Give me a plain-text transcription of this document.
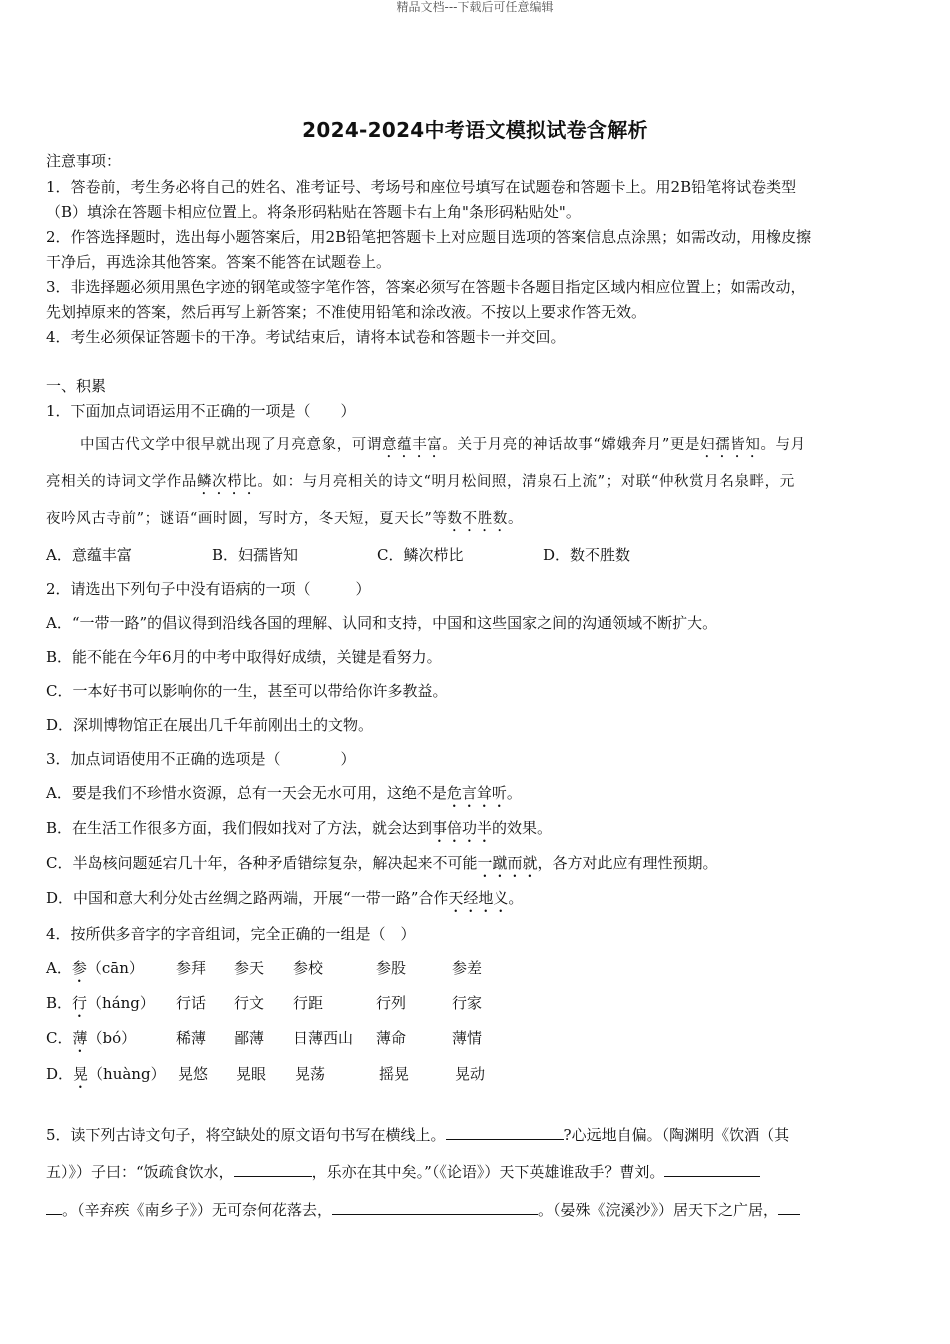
精品文档---下载后可任意编辑
2024-2024中考语文模拟试卷含解析
注意事项：
1．答卷前，考生务必将自己的姓名、准考证号、考场号和座位号填写在试题卷和答题卡上。用2B铅笔将试卷类型
（B）填涂在答题卡相应位置上。将条形码粘贴在答题卡右上角"条形码粘贴处"。
2．作答选择题时，选出每小题答案后，用2B铅笔把答题卡上对应题目选项的答案信息点涂黑；如需改动，用橡皮擦
干净后，再选涂其他答案。答案不能答在试题卷上。
3．非选择题必须用黑色字迹的钢笔或签字笔作答，答案必须写在答题卡各题目指定区域内相应位置上；如需改动，
先划掉原来的答案，然后再写上新答案；不准使用铅笔和涂改液。不按以上要求作答无效。
4．考生必须保证答题卡的干净。考试结束后，请将本试卷和答题卡一并交回。
一、积累
1．下面加点词语运用不正确的一项是（　　）
中国古代文学中很早就出现了月亮意象，可谓意蕴丰富。关于月亮的神话故事“嫦娥奔月”更是妇孺皆知。与月
亮相关的诗词文学作品鳞次栉比。如：与月亮相关的诗文“明月松间照，清泉石上流”；对联“仲秋赏月名泉畔，元
夜吟风古寺前”；谜语“画时圆，写时方，冬天短，夏天长”等数不胜数。
A．意蕴丰富	B．妇孺皆知	C．鳞次栉比	D．数不胜数
2．请选出下列句子中没有语病的一项（　　　）
A．“一带一路”的倡议得到沿线各国的理解、认同和支持，中国和这些国家之间的沟通领域不断扩大。
B．能不能在今年6月的中考中取得好成绩，关键是看努力。
C．一本好书可以影响你的一生，甚至可以带给你许多教益。
D．深圳博物馆正在展出几千年前刚出土的文物。
3．加点词语使用不正确的选项是（　　　　）
A．要是我们不珍惜水资源，总有一天会无水可用，这绝不是危言耸听。
B．在生活工作很多方面，我们假如找对了方法，就会达到事倍功半的效果。
C．半岛核问题延宕几十年，各种矛盾错综复杂，解决起来不可能一蹴而就，各方对此应有理性预期。
D．中国和意大利分处古丝绸之路两端，开展“一带一路”合作天经地义。
4．按所供多音字的字音组词，完全正确的一组是（　）
A．参（cān） 参拜 参天 参校	参股	参差
B．行（háng） 行话 行文 行距	行列	行家
C．薄（bó）	稀薄 鄙薄 日薄西山 薄命	薄情
D．晃（huàng） 晃悠 晃眼 晃荡	摇晃	晃动
5．读下列古诗文句子，将空缺处的原文语句书写在横线上。	?心远地自偏。（陶渊明《饮酒（其
五）》）子曰：“饭疏食饮水，	，乐亦在其中矣。”（《论语》）天下英雄谁敌手？曹刘。
。（辛弃疾《南乡子》）无可奈何花落去，	。（晏殊《浣溪沙》）居天下之广居，
